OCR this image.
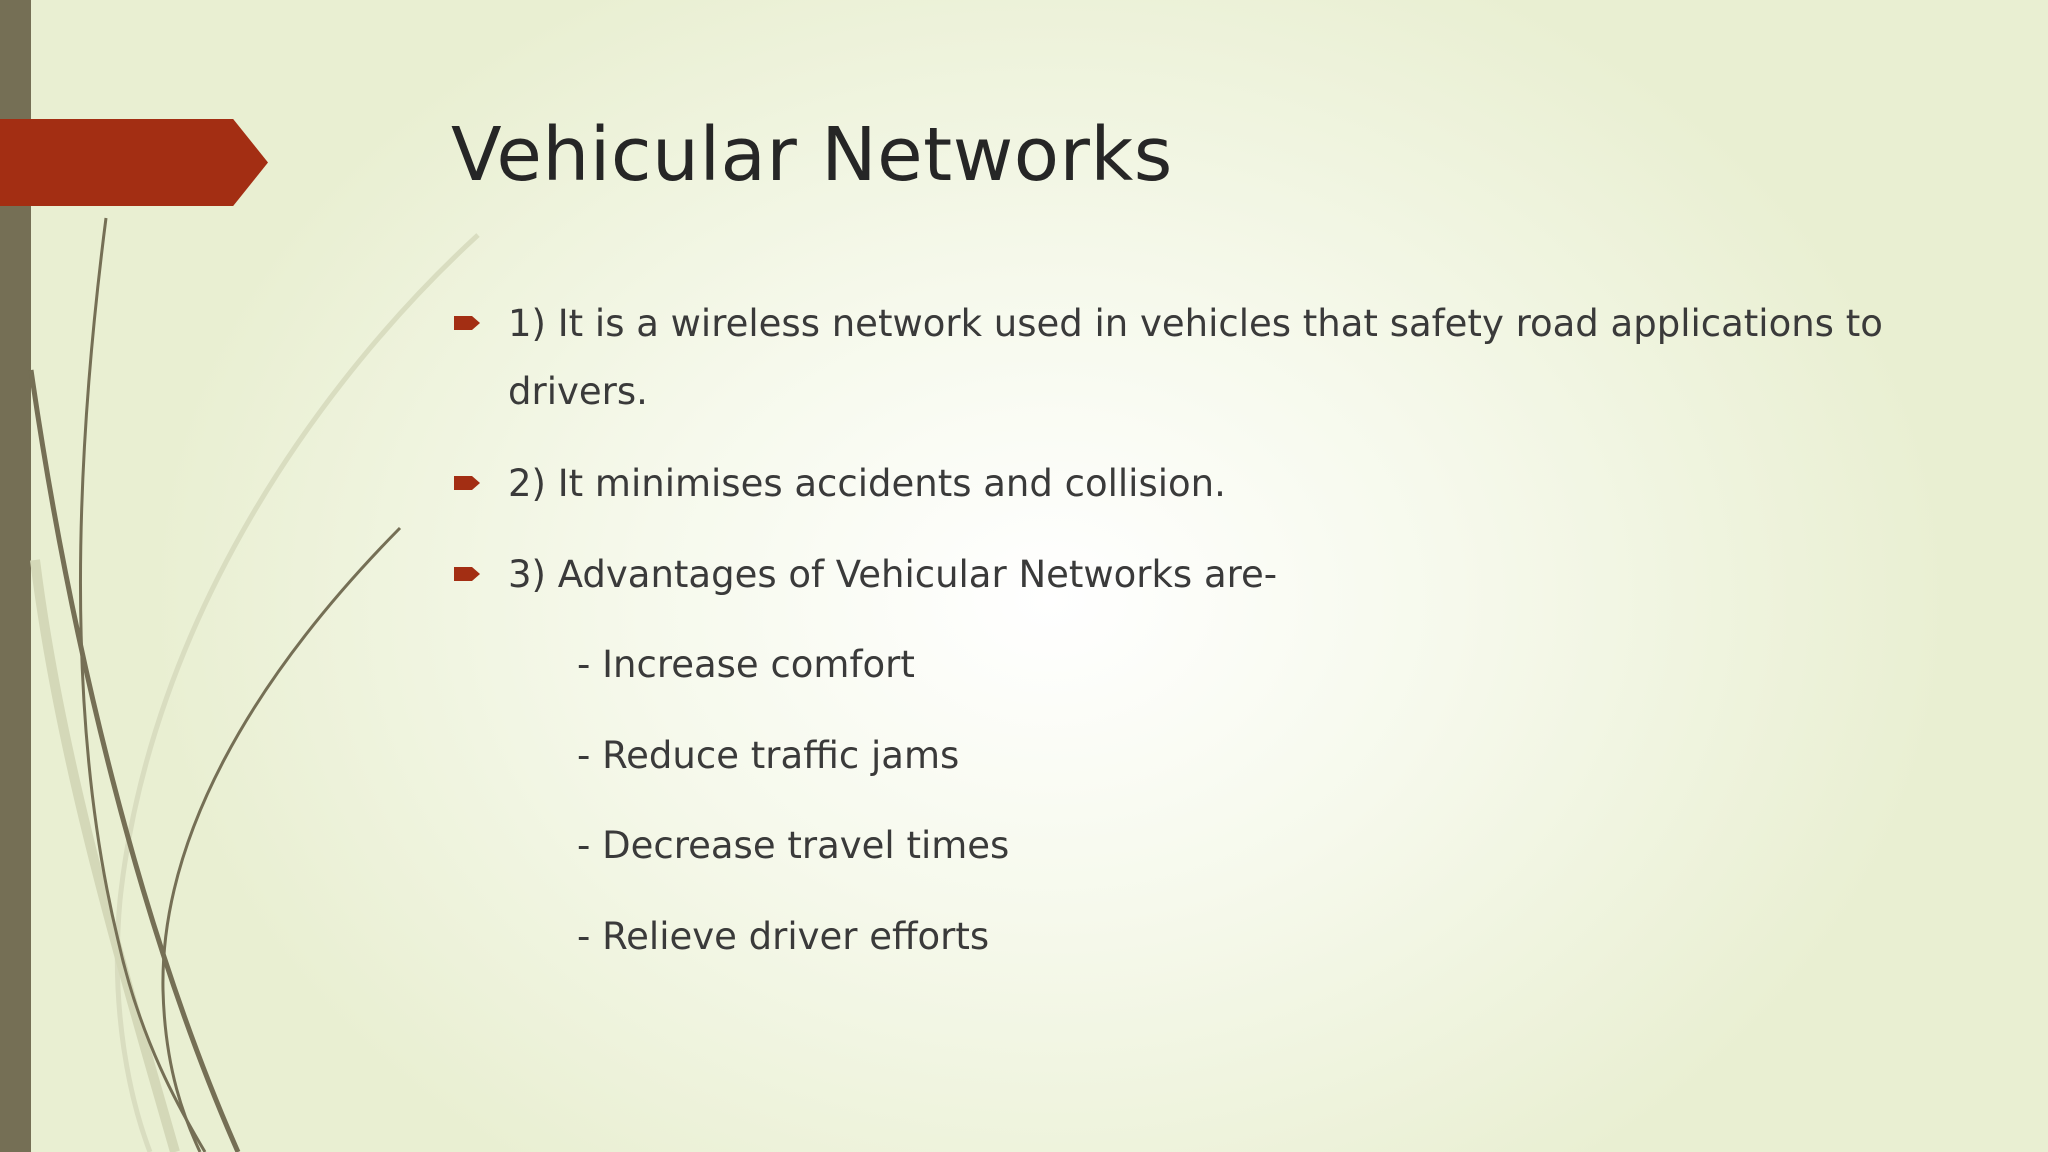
Vehicular Networks
1) It is a wireless network used in vehicles that safety road applications to drivers.
2) It minimises accidents and collision.
3) Advantages of Vehicular Networks are-
- Increase comfort
- Reduce traffic jams
- Decrease travel times
- Relieve driver efforts
